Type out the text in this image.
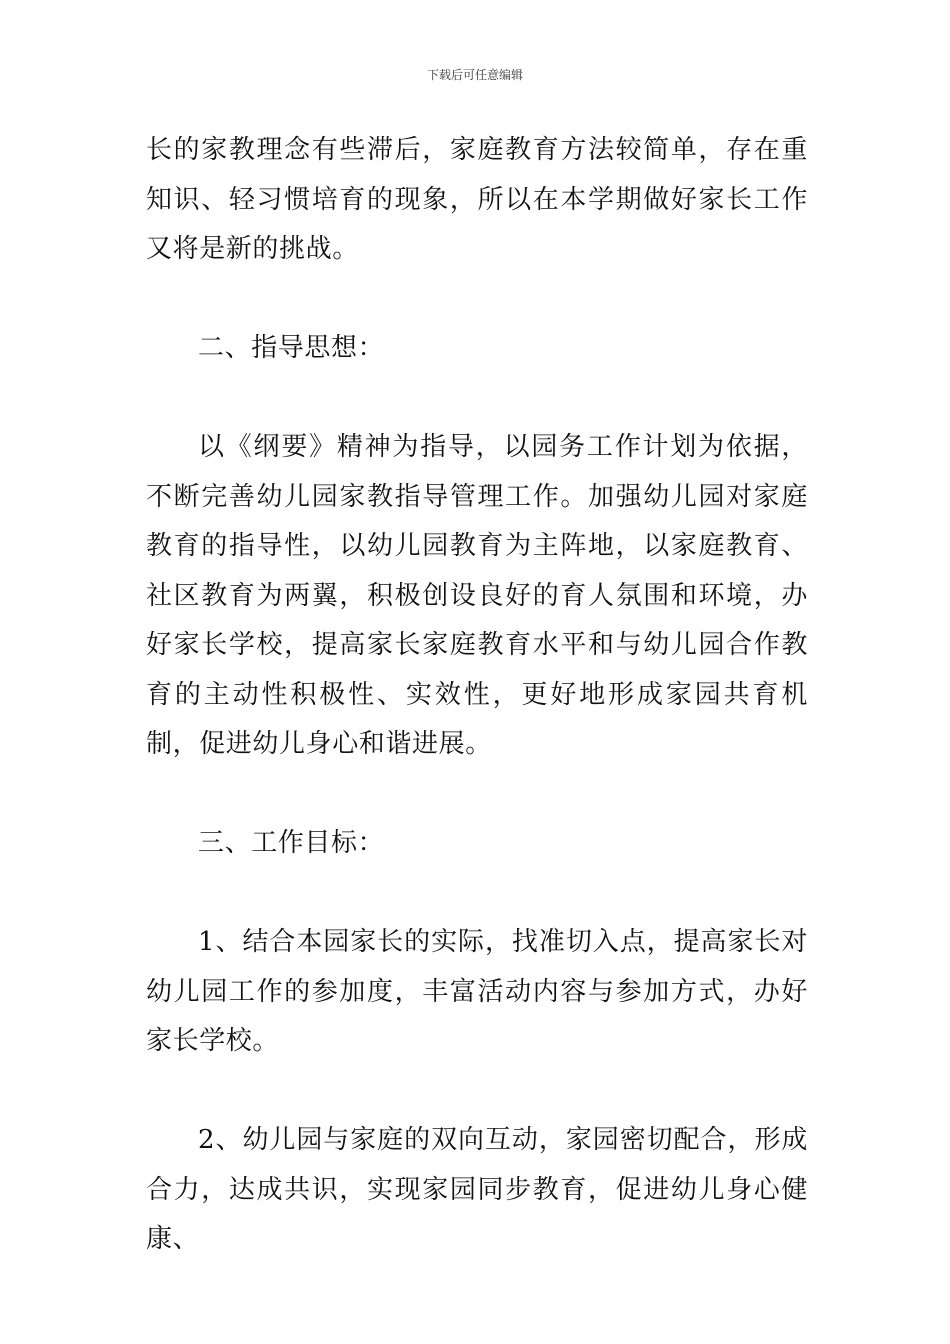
下载后可任意编辑

长的家教理念有些滞后，家庭教育方法较简单，存在重知识、轻习惯培育的现象，所以在本学期做好家长工作又将是新的挑战。

二、指导思想：

以《纲要》精神为指导，以园务工作计划为依据，不断完善幼儿园家教指导管理工作。加强幼儿园对家庭教育的指导性，以幼儿园教育为主阵地，以家庭教育、社区教育为两翼，积极创设良好的育人氛围和环境，办好家长学校，提高家长家庭教育水平和与幼儿园合作教育的主动性积极性、实效性，更好地形成家园共育机制，促进幼儿身心和谐进展。

三、工作目标：

1、结合本园家长的实际，找准切入点，提高家长对幼儿园工作的参加度，丰富活动内容与参加方式，办好家长学校。

2、幼儿园与家庭的双向互动，家园密切配合，形成合力，达成共识，实现家园同步教育，促进幼儿身心健康、
